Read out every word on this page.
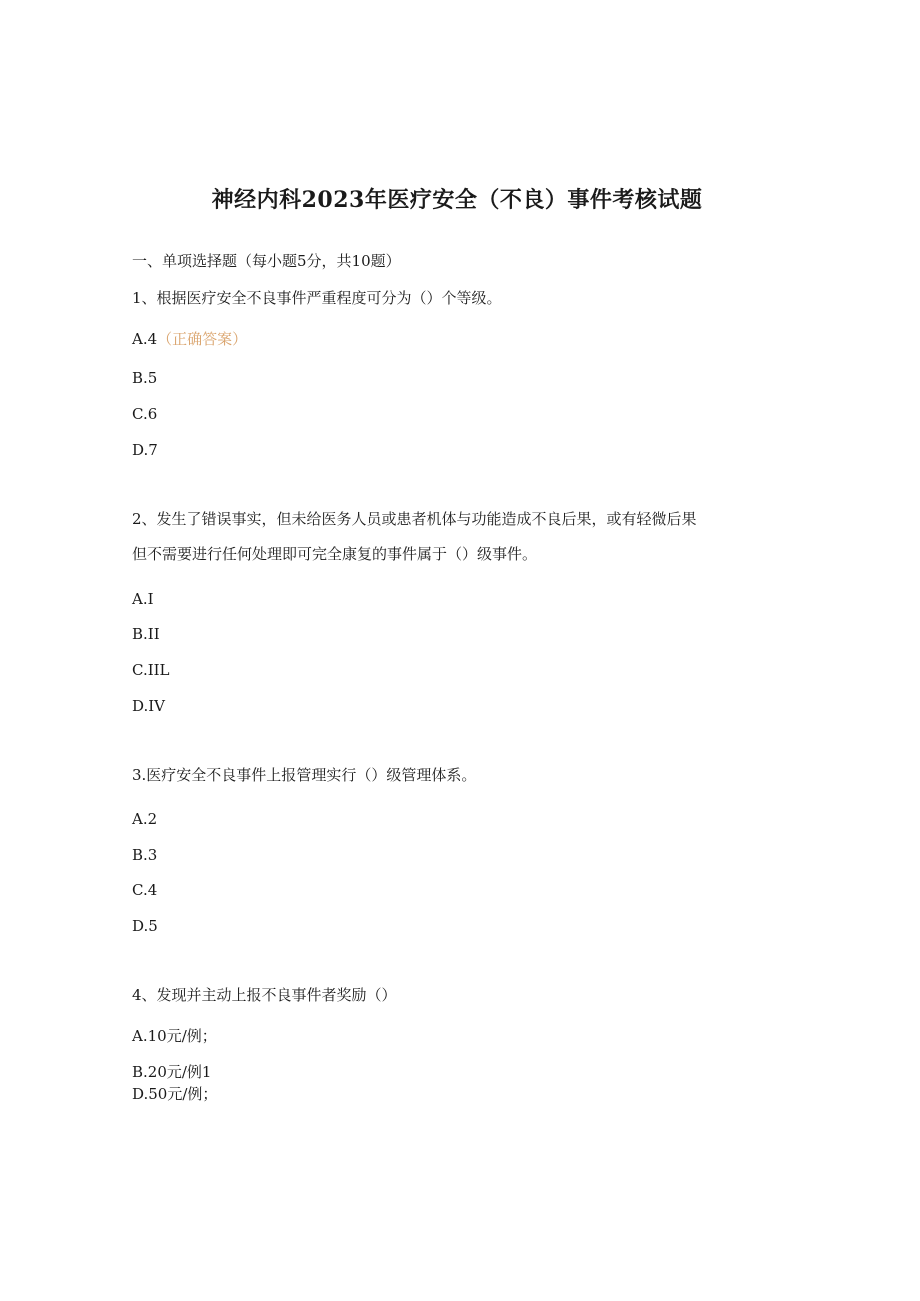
神经内科2023年医疗安全（不良）事件考核试题
一、单项选择题（每小题5分，共10题）
1、根据医疗安全不良事件严重程度可分为（）个等级。
A.4（正确答案）
B.5
C.6
D.7
2、发生了错误事实，但未给医务人员或患者机体与功能造成不良后果，或有轻微后果
但不需要进行任何处理即可完全康复的事件属于（）级事件。
A.I
B.II
C.IIL
D.IV
3.医疗安全不良事件上报管理实行（）级管理体系。
A.2
B.3
C.4
D.5
4、发现并主动上报不良事件者奖励（）
A.10元/例；
B.20元/例1
D.50元/例；
